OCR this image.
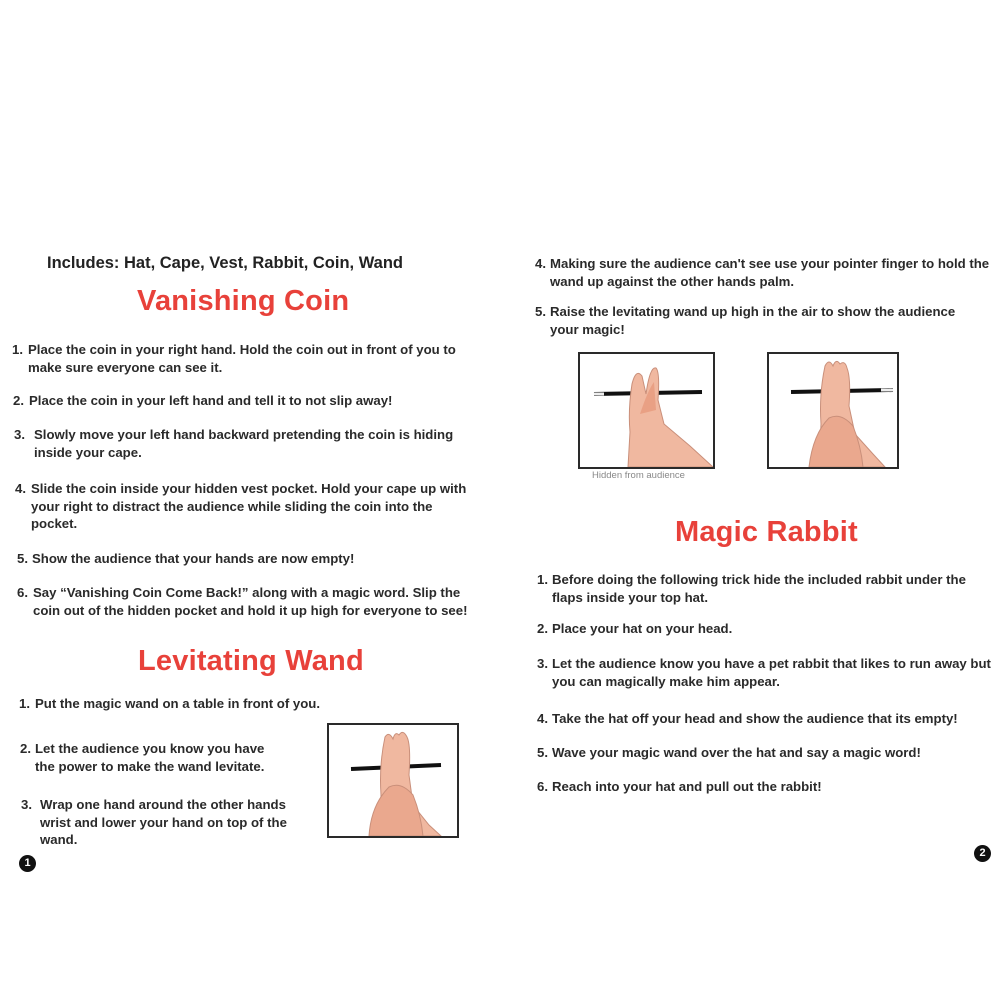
Includes: Hat, Cape, Vest, Rabbit, Coin, Wand
Vanishing Coin
1. Place the coin in your right hand. Hold the coin out in front of you to make sure everyone can see it.
2. Place the coin in your left hand and tell it to not slip away!
3. Slowly move your left hand backward pretending the coin is hiding inside your cape.
4. Slide the coin inside your hidden vest pocket. Hold your cape up with your right to distract the audience while sliding the coin into the pocket.
5. Show the audience that your hands are now empty!
6. Say “Vanishing Coin Come Back!” along with a magic word. Slip the coin out of the hidden pocket and hold it up high for everyone to see!
Levitating Wand
1. Put the magic wand on a table in front of you.
2. Let the audience you know you have the power to make the wand levitate.
3. Wrap one hand around the other hands wrist and lower your hand on top of the wand.
1
4. Making sure the audience can't see use your pointer finger to hold the wand up against the other hands palm.
5. Raise the levitating wand up high in the air to show the audience your magic!
Hidden from audience
Magic Rabbit
1. Before doing the following trick hide the included rabbit under the flaps inside your top hat.
2. Place your hat on your head.
3. Let the audience know you have a pet rabbit that likes to run away but you can magically make him appear.
4. Take the hat off your head and show the audience that its empty!
5. Wave your magic wand over the hat and say a magic word!
6. Reach into your hat and pull out the rabbit!
2
